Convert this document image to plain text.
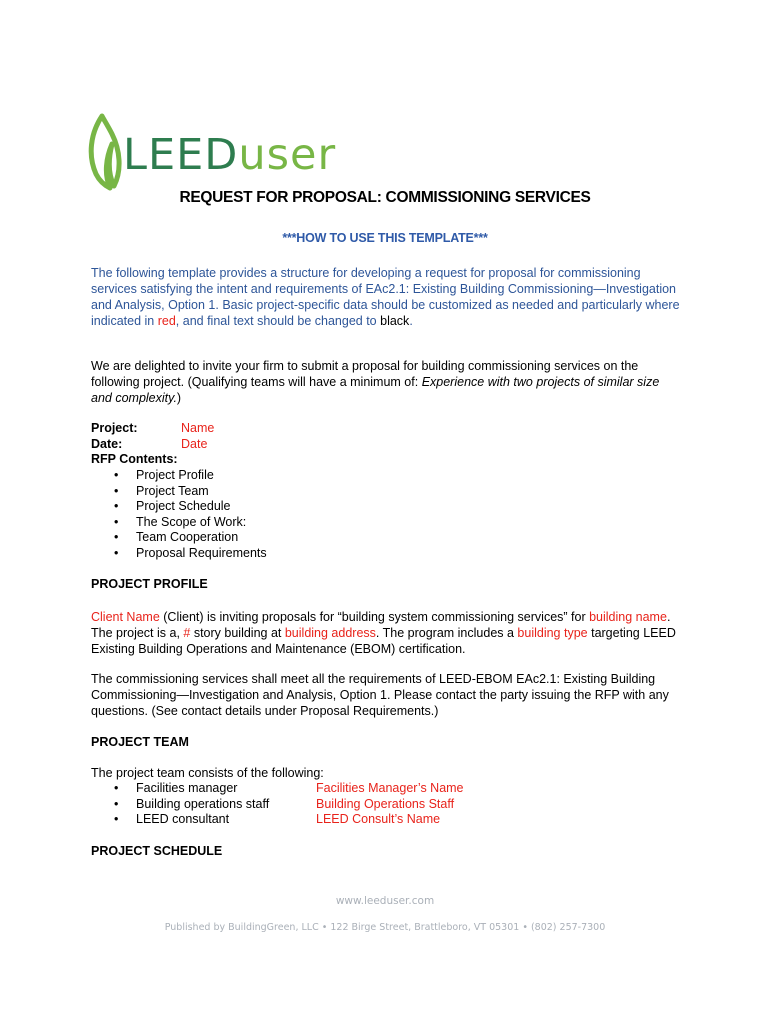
LEEDuser
REQUEST FOR PROPOSAL: COMMISSIONING SERVICES
***HOW TO USE THIS TEMPLATE***
The following template provides a structure for developing a request for proposal for commissioning services satisfying the intent and requirements of EAc2.1: Existing Building Commissioning—Investigation and Analysis, Option 1. Basic project-specific data should be customized as needed and particularly where indicated in red, and final text should be changed to black.
We are delighted to invite your firm to submit a proposal for building commissioning services on the following project. (Qualifying teams will have a minimum of: Experience with two projects of similar size and complexity.)
Project:	Name
Date:	Date
RFP Contents:
• Project Profile
• Project Team
• Project Schedule
• The Scope of Work:
• Team Cooperation
• Proposal Requirements
PROJECT PROFILE
Client Name (Client) is inviting proposals for “building system commissioning services” for building name. The project is a, # story building at building address. The program includes a building type targeting LEED Existing Building Operations and Maintenance (EBOM) certification.
The commissioning services shall meet all the requirements of LEED-EBOM EAc2.1: Existing Building Commissioning—Investigation and Analysis, Option 1. Please contact the party issuing the RFP with any questions. (See contact details under Proposal Requirements.)
PROJECT TEAM
The project team consists of the following:
• Facilities manager	Facilities Manager’s Name
• Building operations staff	Building Operations Staff
• LEED consultant	LEED Consult’s Name
PROJECT SCHEDULE
www.leeduser.com
Published by BuildingGreen, LLC • 122 Birge Street, Brattleboro, VT 05301 • (802) 257-7300
